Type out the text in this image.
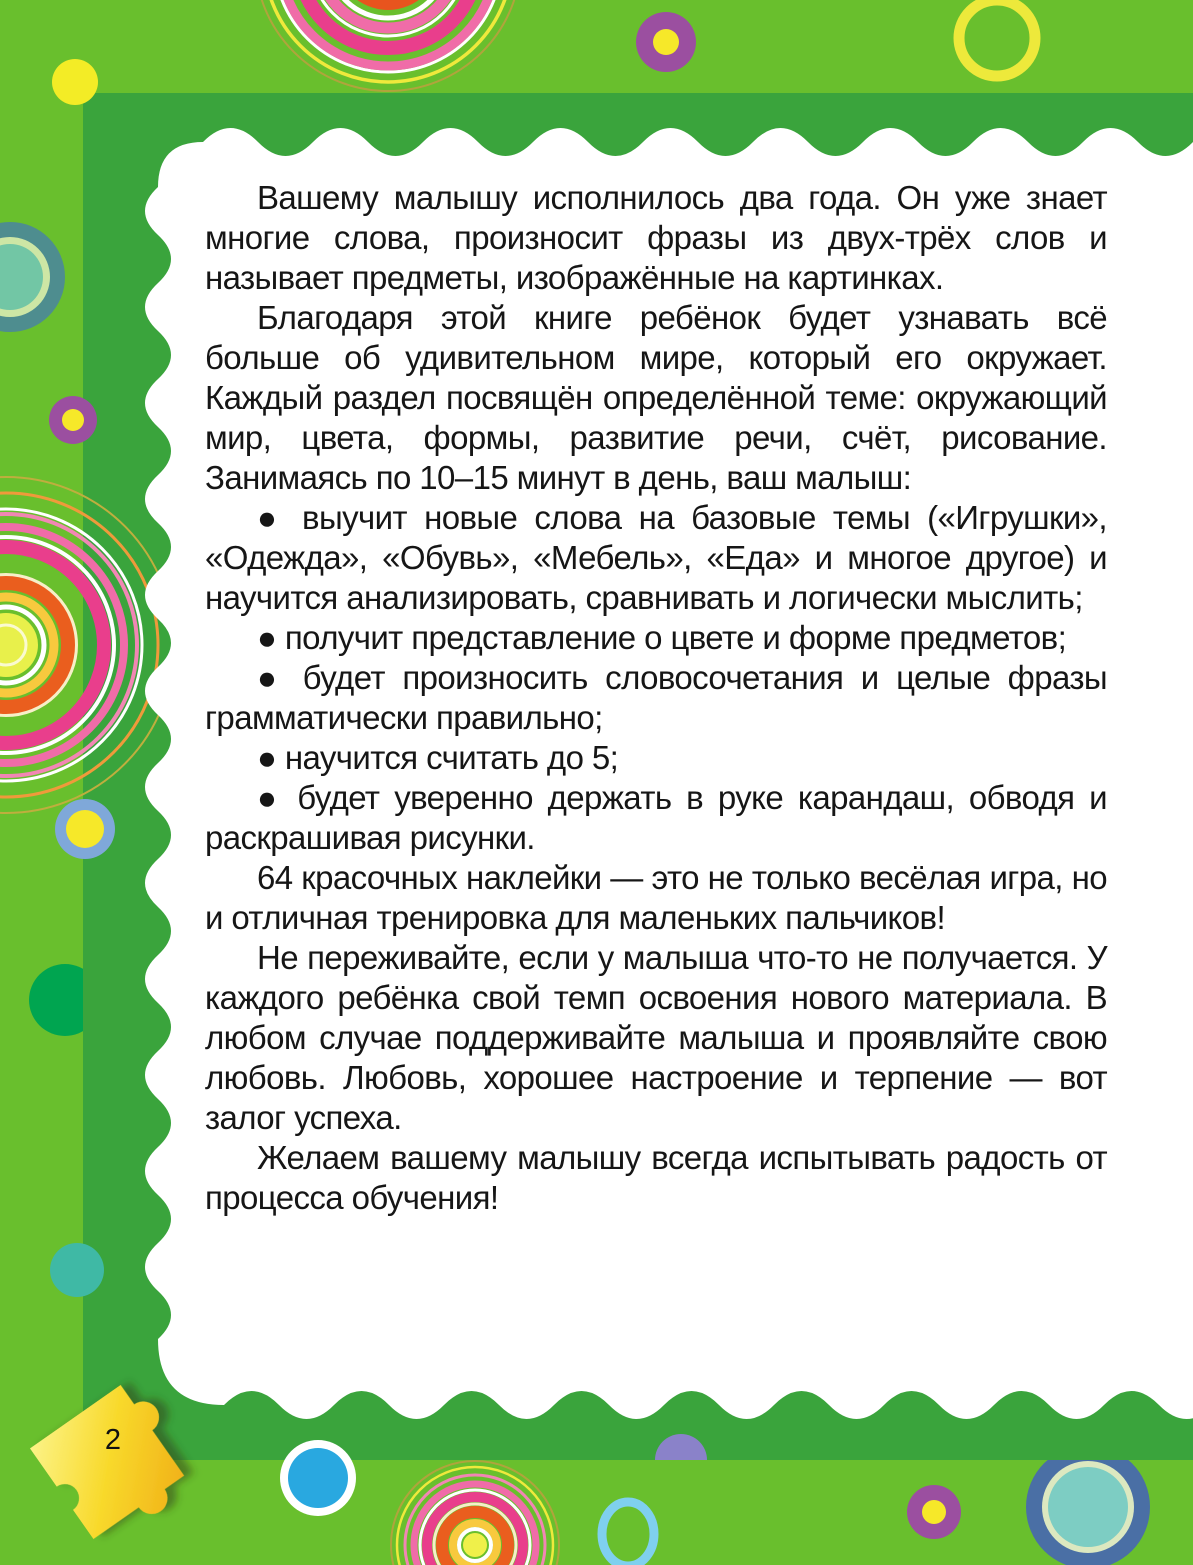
Вашему малышу исполнилось два года. Он уже знает многие слова, произносит фразы из двух-трёх слов и называет предметы, изображённые на картинках.

Благодаря этой книге ребёнок будет узнавать всё больше об удивительном мире, который его окружает. Каждый раздел посвящён определённой теме: окружающий мир, цвета, формы, развитие речи, счёт, рисование. Занимаясь по 10–15 минут в день, ваш малыш:

● выучит новые слова на базовые темы («Игрушки», «Одежда», «Обувь», «Мебель», «Еда» и многое другое) и научится анализировать, сравнивать и логически мыслить;

● получит представление о цвете и форме предметов;

● будет произносить словосочетания и целые фразы грамматически правильно;

● научится считать до 5;

● будет уверенно держать в руке карандаш, обводя и раскрашивая рисунки.

64 красочных наклейки — это не только весёлая игра, но и отличная тренировка для маленьких пальчиков!

Не переживайте, если у малыша что-то не получается. У каждого ребёнка свой темп освоения нового материала. В любом случае поддерживайте малыша и проявляйте свою любовь. Любовь, хорошее настроение и терпение — вот залог успеха.

Желаем вашему малышу всегда испытывать радость от процесса обучения!

2
